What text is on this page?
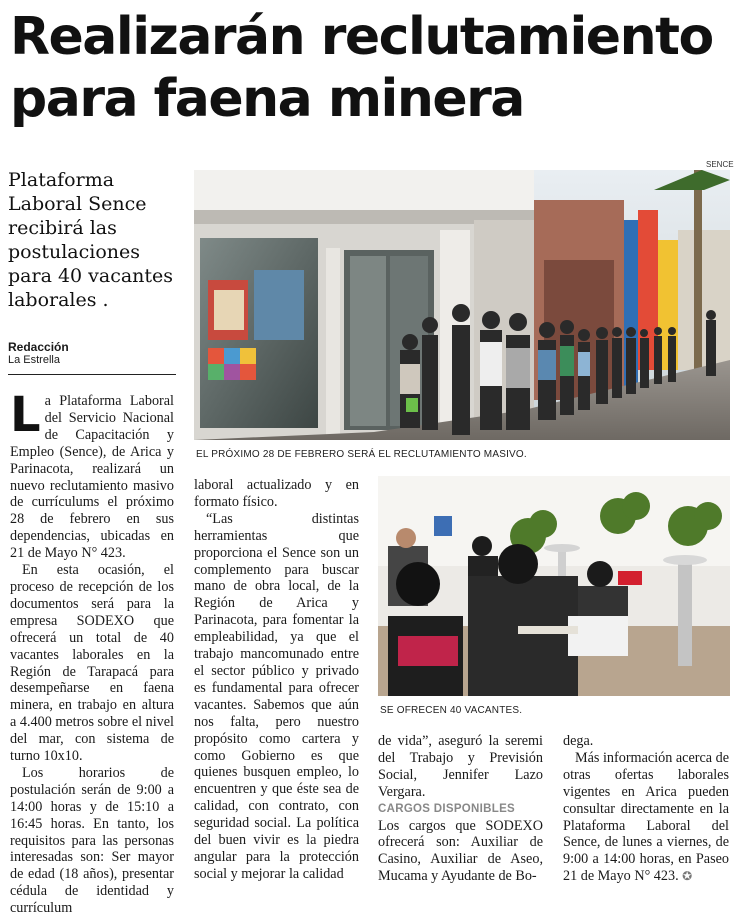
Realizarán reclutamiento
para faena minera

Plataforma Laboral Sence recibirá las postulaciones para 40 vacantes laborales .

Redacción
La Estrella
SENCE
EL PRÓXIMO 28 DE FEBRERO SERÁ EL RECLUTAMIENTO MASIVO.
SE OFRECEN 40 VACANTES.

La Plataforma Laboral del Servicio Nacional de Capacitación y Empleo (Sence), de Arica y Parinacota, realizará un nuevo reclutamiento masivo de currículums el próximo 28 de febrero en sus dependencias, ubicadas en 21 de Mayo N° 423.

En esta ocasión, el proceso de recepción de los documentos será para la empresa SODEXO que ofrecerá un total de 40 vacantes laborales en la Región de Tarapacá para desempeñarse en faena minera, en trabajo en altura a 4.400 metros sobre el nivel del mar, con sistema de turno 10x10.

Los horarios de postulación serán de 9:00 a 14:00 horas y de 15:10 a 16:45 horas. En tanto, los requisitos para las personas interesadas son: Ser mayor de edad (18 años), presentar cédula de identidad y currículum

laboral actualizado y en formato físico.

“Las distintas herramientas que proporciona el Sence son un complemento para buscar mano de obra local, de la Región de Arica y Parinacota, para fomentar la empleabilidad, ya que el trabajo mancomunado entre el sector público y privado es fundamental para ofrecer vacantes. Sabemos que aún nos falta, pero nuestro propósito como cartera y como Gobierno es que quienes busquen empleo, lo encuentren y que éste sea de calidad, con contrato, con seguridad social. La política del buen vivir es la piedra angular para la protección social y mejorar la calidad

de vida”, aseguró la seremi del Trabajo y Previsión Social, Jennifer Lazo Vergara.

CARGOS DISPONIBLES

Los cargos que SODEXO ofrecerá son: Auxiliar de Casino, Auxiliar de Aseo, Mucama y Ayudante de Bo-

dega.

Más información acerca de otras ofertas laborales vigentes en Arica pueden consultar directamente en la Plataforma Laboral del Sence, de lunes a viernes, de 9:00 a 14:00 horas, en Paseo 21 de Mayo N° 423. ✪
